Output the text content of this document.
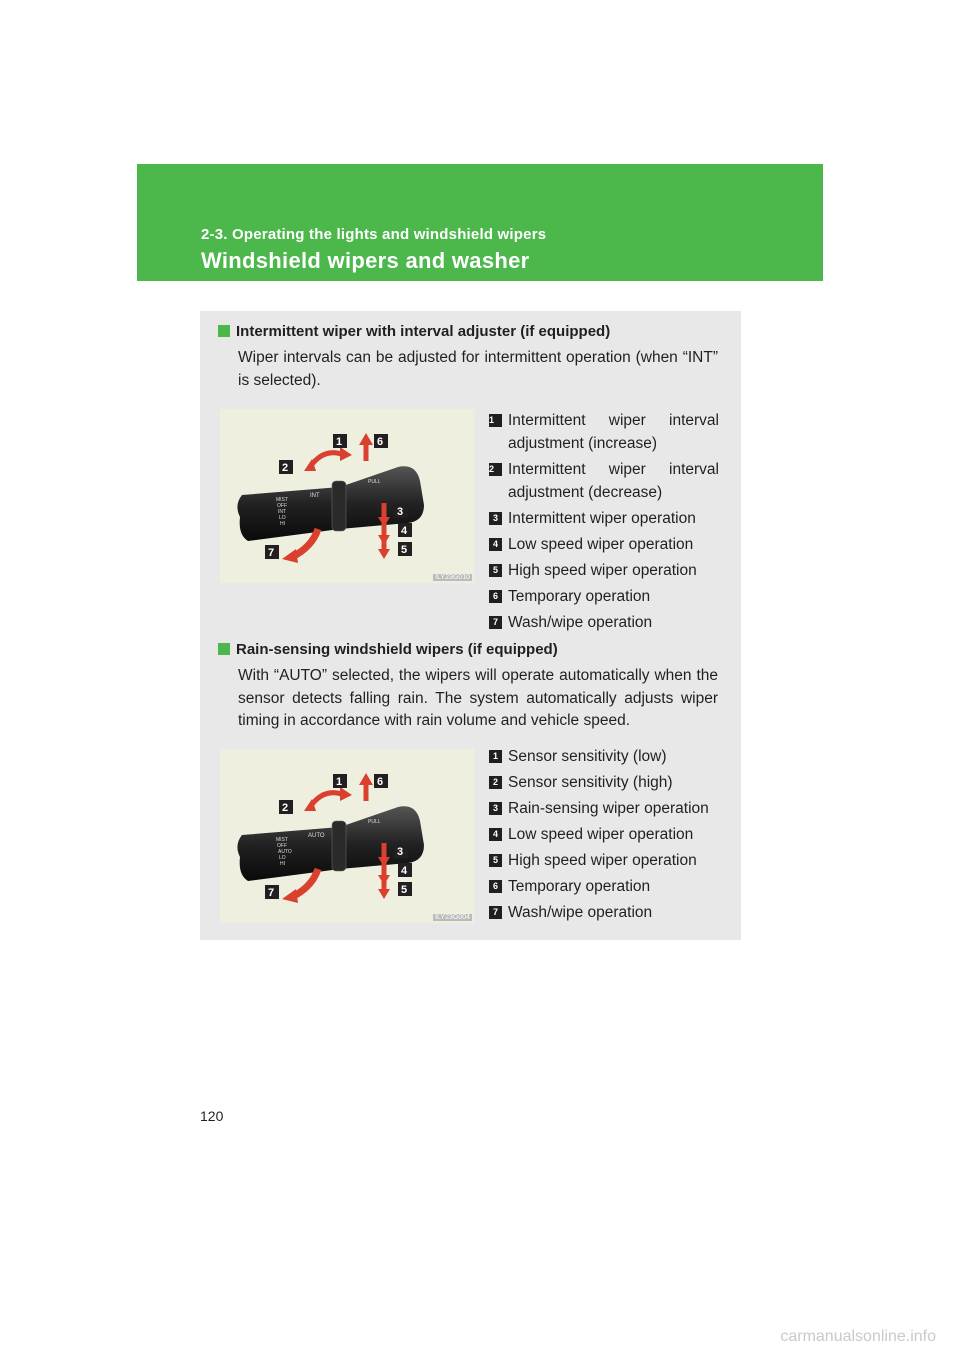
2-3. Operating the lights and windshield wipers
Windshield wipers and washer
Intermittent wiper with interval adjuster (if equipped)
Wiper intervals can be adjusted for intermittent operation (when “INT” is selected).
MIST
OFF
INT
LO
HI
INT
PULL
1
2
3
4
5
6
7
ILY23G010
1 Intermittent wiper interval adjustment (increase)
2 Intermittent wiper interval adjustment (decrease)
3 Intermittent wiper operation
4 Low speed wiper operation
5 High speed wiper operation
6 Temporary operation
7 Wash/wipe operation
Rain-sensing windshield wipers (if equipped)
With “AUTO” selected, the wipers will operate automatically when the sensor detects falling rain. The system automatically adjusts wiper timing in accordance with rain volume and vehicle speed.
MIST
OFF
AUTO
LO
HI
AUTO
PULL
1
2
3
4
5
6
7
ILY23G004
1 Sensor sensitivity (low)
2 Sensor sensitivity (high)
3 Rain-sensing wiper operation
4 Low speed wiper operation
5 High speed wiper operation
6 Temporary operation
7 Wash/wipe operation
120
carmanualsonline.info
